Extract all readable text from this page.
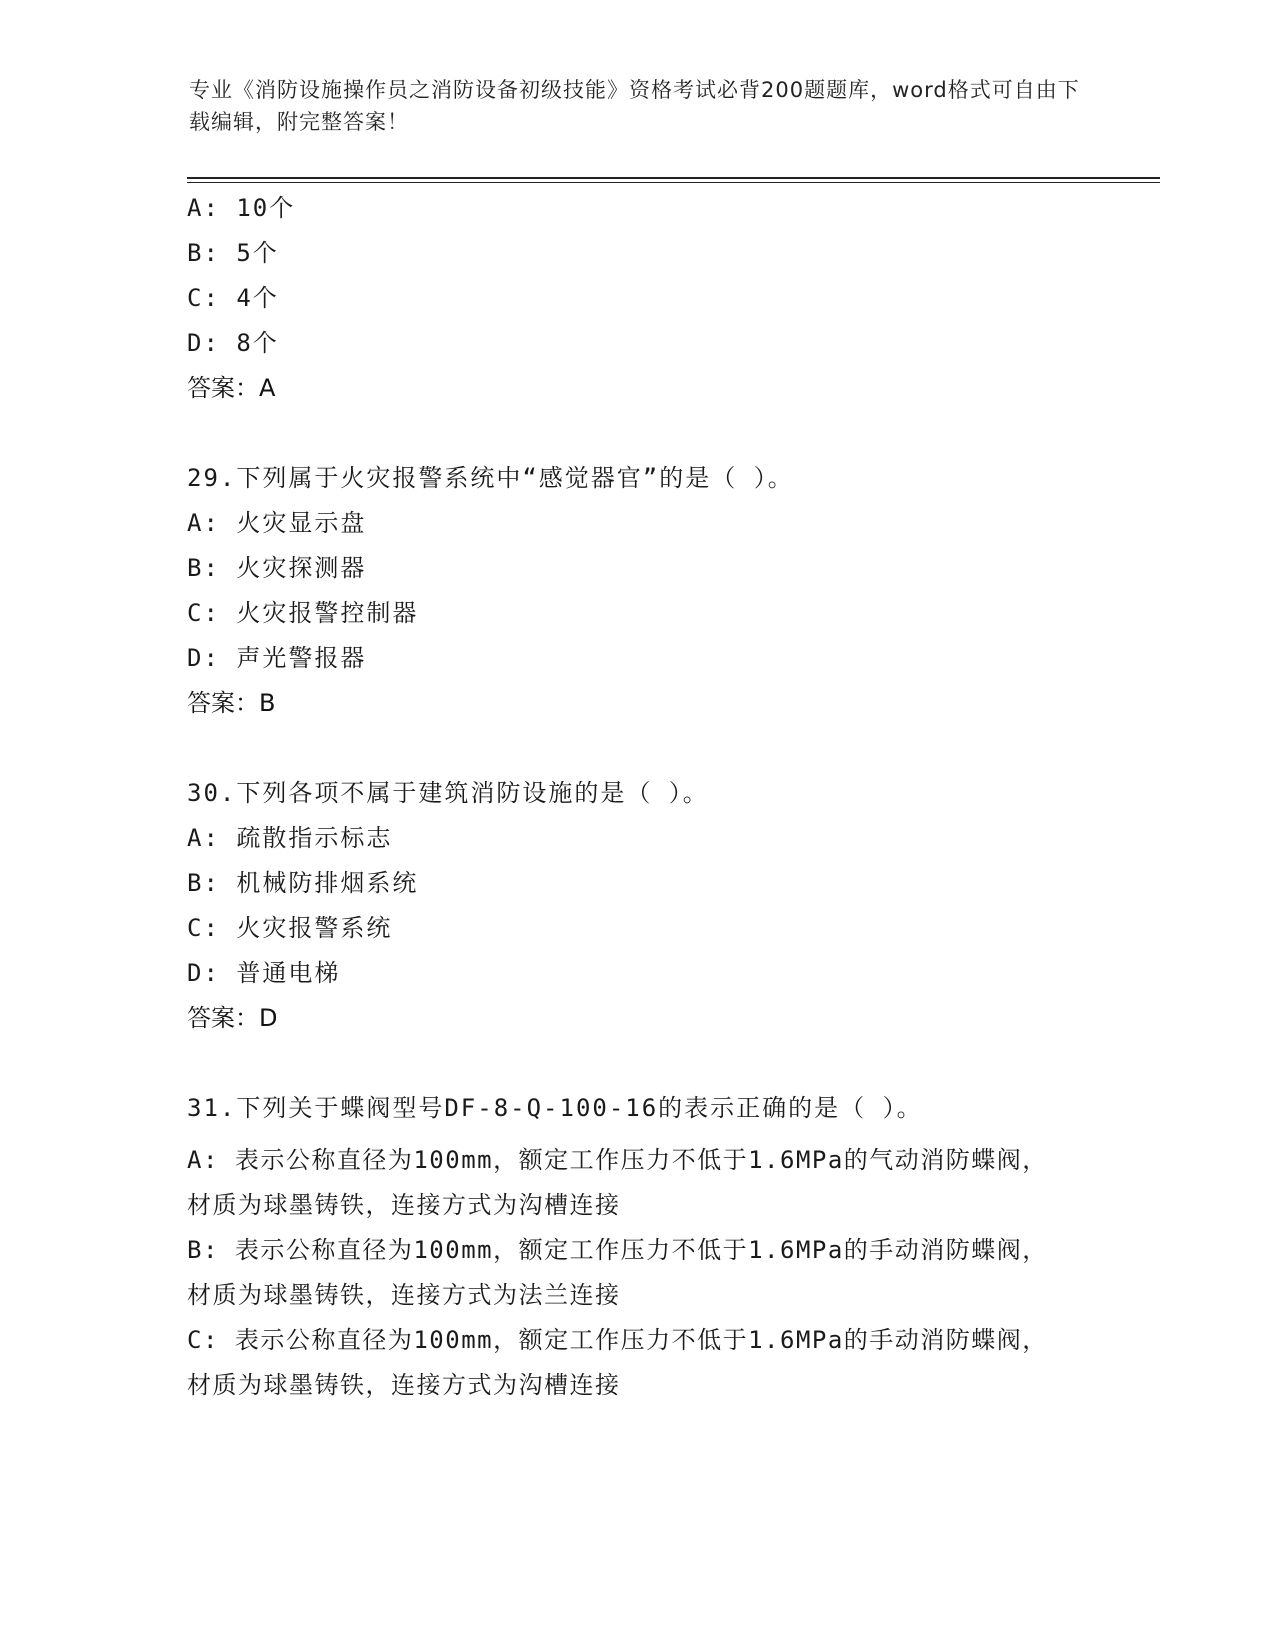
专业《消防设施操作员之消防设备初级技能》资格考试必背200题题库，word格式可自由下载编辑，附完整答案！
A: 10个
B: 5个
C: 4个
D: 8个
答案：A
29.下列属于火灾报警系统中“感觉器官”的是（ ）。
A: 火灾显示盘
B: 火灾探测器
C: 火灾报警控制器
D: 声光警报器
答案：B
30.下列各项不属于建筑消防设施的是（ ）。
A: 疏散指示标志
B: 机械防排烟系统
C: 火灾报警系统
D: 普通电梯
答案：D
31.下列关于蝶阀型号DF-8-Q-100-16的表示正确的是（ ）。
A: 表示公称直径为100mm，额定工作压力不低于1.6MPa的气动消防蝶阀，材质为球墨铸铁，连接方式为沟槽连接
B: 表示公称直径为100mm，额定工作压力不低于1.6MPa的手动消防蝶阀，材质为球墨铸铁，连接方式为法兰连接
C: 表示公称直径为100mm，额定工作压力不低于1.6MPa的手动消防蝶阀，材质为球墨铸铁，连接方式为沟槽连接
